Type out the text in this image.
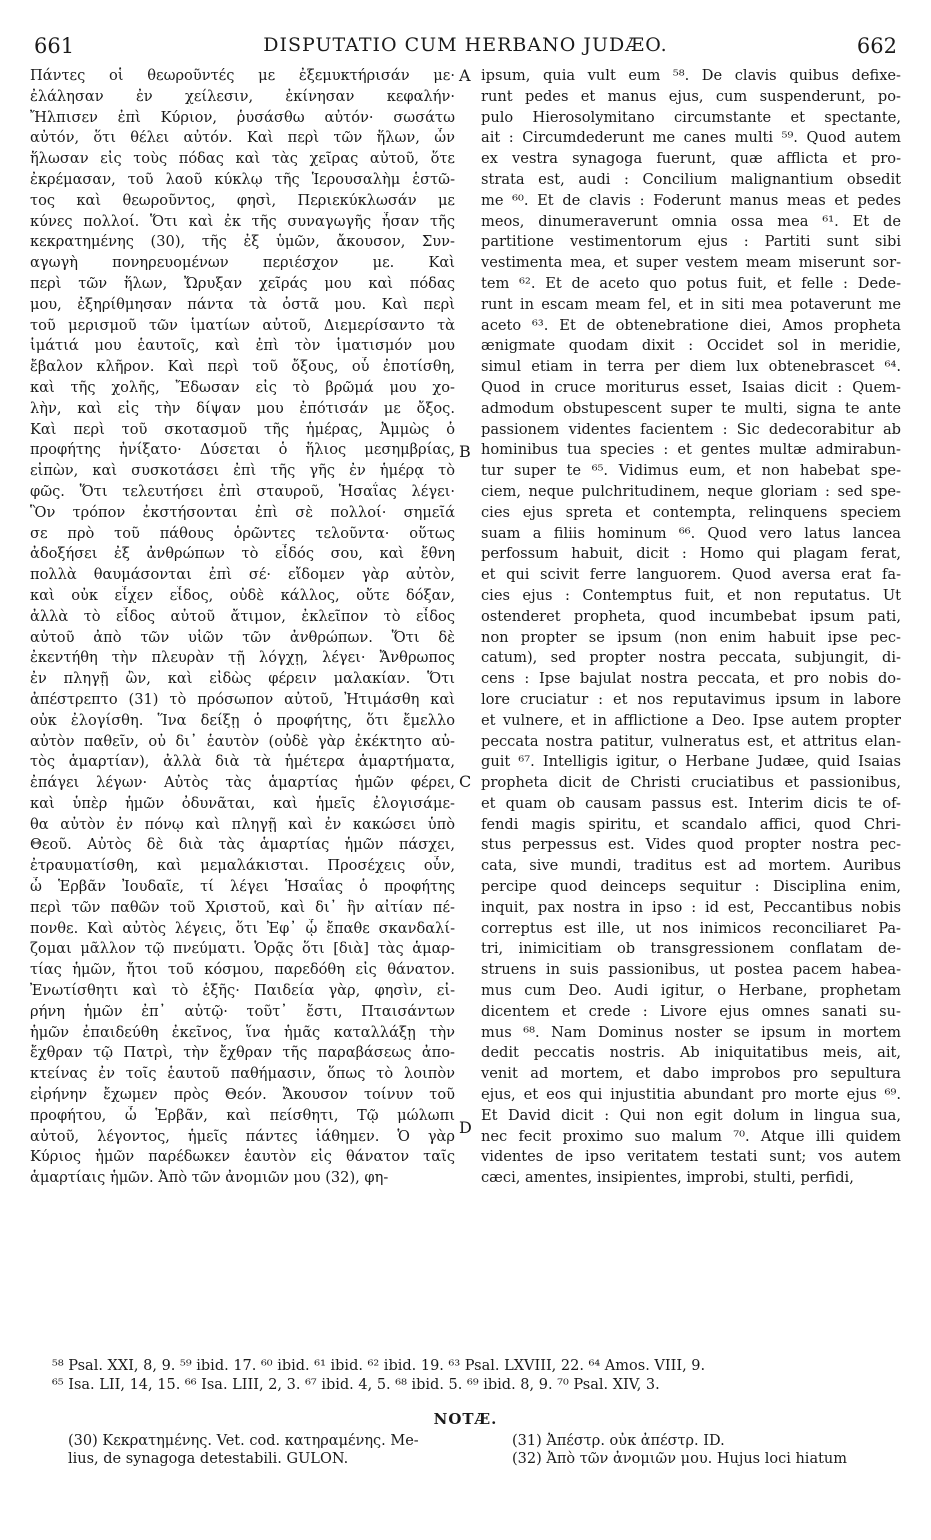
661	DISPUTATIO CUM HERBANO JUDÆO.	662

Πάντες οἱ θεωροῦντές με ἐξεμυκτήρισάν με·

ἐλάλησαν ἐν χείλεσιν, ἐκίνησαν κεφαλήν·

Ἤλπισεν ἐπὶ Κύριον, ῥυσάσθω αὐτόν· σωσάτω

αὐτόν, ὅτι θέλει αὐτόν. Καὶ περὶ τῶν ἥλων, ὧν

ἥλωσαν εἰς τοὺς πόδας καὶ τὰς χεῖρας αὐτοῦ, ὅτε

ἐκρέμασαν, τοῦ λαοῦ κύκλῳ τῆς Ἱερουσαλὴμ ἑστῶ-

τος καὶ θεωροῦντος, φησὶ, Περιεκύκλωσάν με

κύνες πολλοί. Ὅτι καὶ ἐκ τῆς συναγωγῆς ἦσαν τῆς

κεκρατημένης (30), τῆς ἐξ ὑμῶν, ἄκουσον, Συν-

αγωγὴ πονηρευομένων περιέσχον με. Καὶ

περὶ τῶν ἥλων, Ὤρυξαν χεῖράς μου καὶ πόδας

μου, ἐξηρίθμησαν πάντα τὰ ὀστᾶ μου. Καὶ περὶ

τοῦ μερισμοῦ τῶν ἱματίων αὐτοῦ, Διεμερίσαντο τὰ

ἱμάτιά μου ἑαυτοῖς, καὶ ἐπὶ τὸν ἱματισμόν μου

ἔβαλον κλῆρον. Καὶ περὶ τοῦ ὄξους, οὗ ἐποτίσθη,

καὶ τῆς χολῆς, Ἔδωσαν εἰς τὸ βρῶμά μου χο-

λὴν, καὶ εἰς τὴν δίψαν μου ἐπότισάν με ὄξος.

Καὶ περὶ τοῦ σκοτασμοῦ τῆς ἡμέρας, Ἀμμὼς ὁ

προφήτης ἠνίξατο· Δύσεται ὁ ἥλιος μεσημβρίας,

εἰπὼν, καὶ συσκοτάσει ἐπὶ τῆς γῆς ἐν ἡμέρᾳ τὸ

φῶς. Ὅτι τελευτήσει ἐπὶ σταυροῦ, Ἡσαΐας λέγει·

Ὃν τρόπον ἐκστήσονται ἐπὶ σὲ πολλοί· σημεῖά

σε πρὸ τοῦ πάθους ὁρῶντες τελοῦντα· οὕτως

ἀδοξήσει ἐξ ἀνθρώπων τὸ εἶδός σου, καὶ ἔθνη

πολλὰ θαυμάσονται ἐπὶ σέ· εἴδομεν γὰρ αὐτὸν,

καὶ οὐκ εἶχεν εἶδος, οὐδὲ κάλλος, οὔτε δόξαν,

ἀλλὰ τὸ εἶδος αὐτοῦ ἄτιμον, ἐκλεῖπον τὸ εἶδος

αὐτοῦ ἀπὸ τῶν υἱῶν τῶν ἀνθρώπων. Ὅτι δὲ

ἐκεντήθη τὴν πλευρὰν τῇ λόγχῃ, λέγει· Ἄνθρωπος

ἐν πληγῇ ὢν, καὶ εἰδὼς φέρειν μαλακίαν. Ὅτι

ἀπέστρεπτο (31) τὸ πρόσωπον αὐτοῦ, Ἠτιμάσθη καὶ

οὐκ ἐλογίσθη. Ἵνα δείξῃ ὁ προφήτης, ὅτι ἔμελλο

αὐτὸν παθεῖν, οὐ δι᾽ ἑαυτὸν (οὐδὲ γὰρ ἐκέκτητο αὐ-

τὸς ἁμαρτίαν), ἀλλὰ διὰ τὰ ἡμέτερα ἁμαρτήματα,

ἐπάγει λέγων· Αὐτὸς τὰς ἁμαρτίας ἡμῶν φέρει,

καὶ ὑπὲρ ἡμῶν ὀδυνᾶται, καὶ ἡμεῖς ἐλογισάμε-

θα αὐτὸν ἐν πόνῳ καὶ πληγῇ καὶ ἐν κακώσει ὑπὸ

Θεοῦ. Αὐτὸς δὲ διὰ τὰς ἁμαρτίας ἡμῶν πάσχει,

ἐτραυματίσθη, καὶ μεμαλάκισται. Προσέχεις οὖν,

ὦ Ἑρβᾶν Ἰουδαῖε, τί λέγει Ἡσαΐας ὁ προφήτης

περὶ τῶν παθῶν τοῦ Χριστοῦ, καὶ δι᾽ ἣν αἰτίαν πέ-

πονθε. Καὶ αὐτὸς λέγεις, ὅτι Ἐφ᾽ ᾧ ἔπαθε σκανδαλί-

ζομαι μᾶλλον τῷ πνεύματι. Ὁρᾷς ὅτι [διὰ] τὰς ἁμαρ-

τίας ἡμῶν, ἤτοι τοῦ κόσμου, παρεδόθη εἰς θάνατον.

Ἐνωτίσθητι καὶ τὸ ἑξῆς· Παιδεία γὰρ, φησὶν, εἰ-

ρήνη ἡμῶν ἐπ᾽ αὐτῷ· τοῦτ᾽ ἔστι, Πταισάντων

ἡμῶν ἐπαιδεύθη ἐκεῖνος, ἵνα ἡμᾶς καταλλάξῃ τὴν

ἔχθραν τῷ Πατρὶ, τὴν ἔχθραν τῆς παραβάσεως ἀπο-

κτείνας ἐν τοῖς ἑαυτοῦ παθήμασιν, ὅπως τὸ λοιπὸν

εἰρήνην ἔχωμεν πρὸς Θεόν. Ἄκουσον τοίνυν τοῦ

προφήτου, ὦ Ἑρβᾶν, καὶ πείσθητι, Τῷ μώλωπι

αὐτοῦ, λέγοντος, ἡμεῖς πάντες ἰάθημεν. Ὁ γὰρ

Κύριος ἡμῶν παρέδωκεν ἑαυτὸν εἰς θάνατον ταῖς

ἁμαρτίαις ἡμῶν. Ἀπὸ τῶν ἀνομιῶν μου (32), φη-

A
B
C
D

ipsum, quia vult eum ⁵⁸. De clavis quibus defixe-

runt pedes et manus ejus, cum suspenderunt, po-

pulo Hierosolymitano circumstante et spectante,

ait : Circumdederunt me canes multi ⁵⁹. Quod autem

ex vestra synagoga fuerunt, quæ afflicta et pro-

strata est, audi : Concilium malignantium obsedit

me ⁶⁰. Et de clavis : Foderunt manus meas et pedes

meos, dinumeraverunt omnia ossa mea ⁶¹. Et de

partitione vestimentorum ejus : Partiti sunt sibi

vestimenta mea, et super vestem meam miserunt sor-

tem ⁶². Et de aceto quo potus fuit, et felle : Dede-

runt in escam meam fel, et in siti mea potaverunt me

aceto ⁶³. Et de obtenebratione diei, Amos propheta

ænigmate quodam dixit : Occidet sol in meridie,

simul etiam in terra per diem lux obtenebrascet ⁶⁴.

Quod in cruce moriturus esset, Isaias dicit : Quem-

admodum obstupescent super te multi, signa te ante

passionem videntes facientem : Sic dedecorabitur ab

hominibus tua species : et gentes multæ admirabun-

tur super te ⁶⁵. Vidimus eum, et non habebat spe-

ciem, neque pulchritudinem, neque gloriam : sed spe-

cies ejus spreta et contempta, relinquens speciem

suam a filiis hominum ⁶⁶. Quod vero latus lancea

perfossum habuit, dicit : Homo qui plagam ferat,

et qui scivit ferre languorem. Quod aversa erat fa-

cies ejus : Contemptus fuit, et non reputatus. Ut

ostenderet propheta, quod incumbebat ipsum pati,

non propter se ipsum (non enim habuit ipse pec-

catum), sed propter nostra peccata, subjungit, di-

cens : Ipse bajulat nostra peccata, et pro nobis do-

lore cruciatur : et nos reputavimus ipsum in labore

et vulnere, et in afflictione a Deo. Ipse autem propter

peccata nostra patitur, vulneratus est, et attritus elan-

guit ⁶⁷. Intelligis igitur, o Herbane Judæe, quid Isaias

propheta dicit de Christi cruciatibus et passionibus,

et quam ob causam passus est. Interim dicis te of-

fendi magis spiritu, et scandalo affici, quod Chri-

stus perpessus est. Vides quod propter nostra pec-

cata, sive mundi, traditus est ad mortem. Auribus

percipe quod deinceps sequitur : Disciplina enim,

inquit, pax nostra in ipso : id est, Peccantibus nobis

correptus est ille, ut nos inimicos reconciliaret Pa-

tri, inimicitiam ob transgressionem conflatam de-

struens in suis passionibus, ut postea pacem habea-

mus cum Deo. Audi igitur, o Herbane, prophetam

dicentem et crede : Livore ejus omnes sanati su-

mus ⁶⁸. Nam Dominus noster se ipsum in mortem

dedit peccatis nostris. Ab iniquitatibus meis, ait,

venit ad mortem, et dabo improbos pro sepultura

ejus, et eos qui injustitia abundant pro morte ejus ⁶⁹.

Et David dicit : Qui non egit dolum in lingua sua,

nec fecit proximo suo malum ⁷⁰. Atque illi quidem

videntes de ipso veritatem testati sunt; vos autem

cæci, amentes, insipientes, improbi, stulti, perfidi,

⁵⁸ Psal. XXI, 8, 9. ⁵⁹ ibid. 17. ⁶⁰ ibid. ⁶¹ ibid. ⁶² ibid. 19. ⁶³ Psal. LXVIII, 22. ⁶⁴ Amos. VIII, 9.

⁶⁵ Isa. LII, 14, 15. ⁶⁶ Isa. LIII, 2, 3. ⁶⁷ ibid. 4, 5. ⁶⁸ ibid. 5. ⁶⁹ ibid. 8, 9. ⁷⁰ Psal. XIV, 3.

NOTÆ.

(30) Κεκρατημένης. Vet. cod. κατηραμένης. Me-

lius, de synagoga detestabili. GULON.

(31) Ἀπέστρ. οὐκ ἀπέστρ. ID.

(32) Ἀπὸ τῶν ἀνομιῶν μου. Hujus loci hiatum
